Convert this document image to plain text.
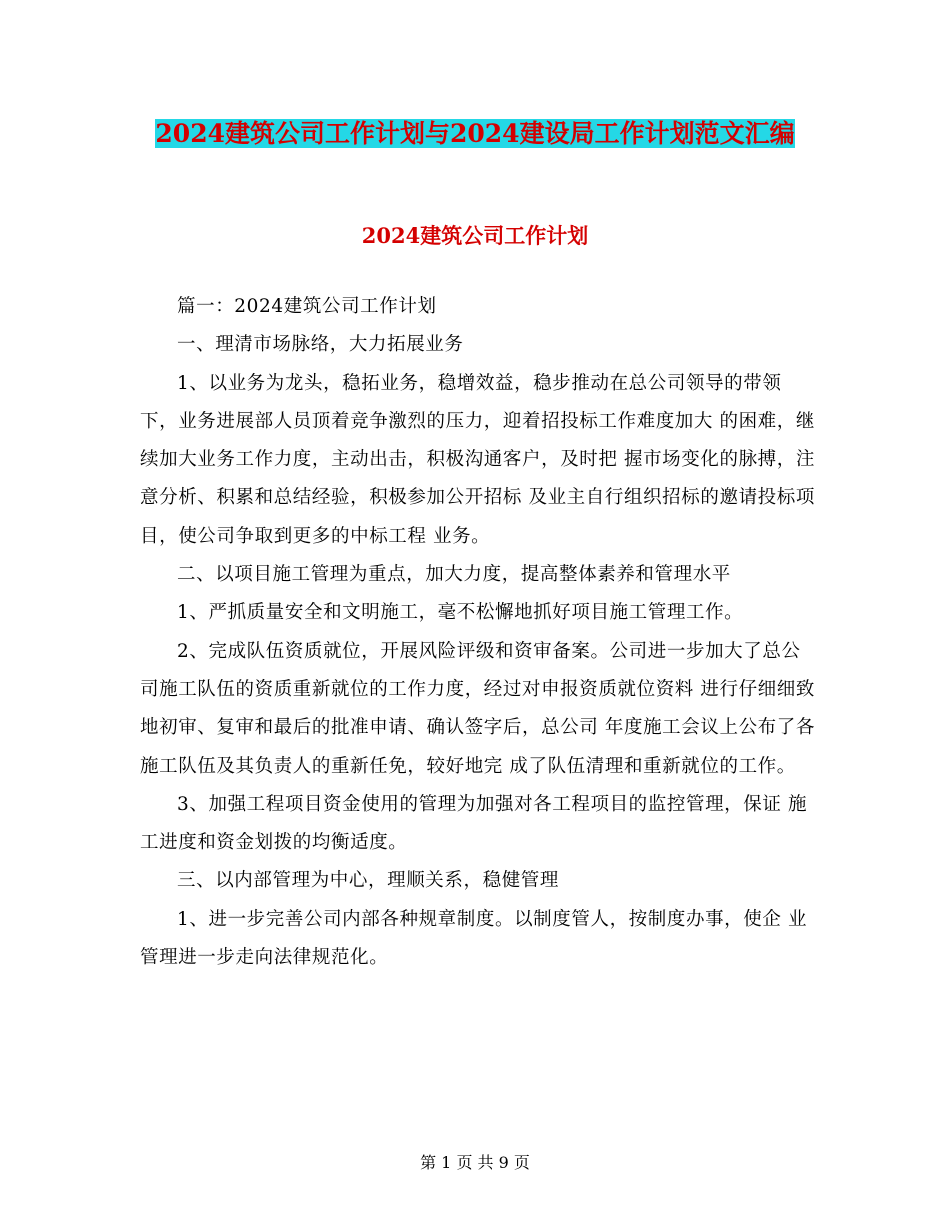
2024建筑公司工作计划与2024建设局工作计划范文汇编
2024建筑公司工作计划

篇一：2024建筑公司工作计划

一、理清市场脉络，大力拓展业务

1、以业务为龙头，稳拓业务，稳增效益，稳步推动在总公司领导的带领下，业务进展部人员顶着竞争激烈的压力，迎着招投标工作难度加大 的困难，继续加大业务工作力度，主动出击，积极沟通客户，及时把 握市场变化的脉搏，注意分析、积累和总结经验，积极参加公开招标 及业主自行组织招标的邀请投标项目，使公司争取到更多的中标工程 业务。

二、以项目施工管理为重点，加大力度，提高整体素养和管理水平

1、严抓质量安全和文明施工，毫不松懈地抓好项目施工管理工作。

2、完成队伍资质就位，开展风险评级和资审备案。公司进一步加大了总公司施工队伍的资质重新就位的工作力度，经过对申报资质就位资料 进行仔细细致地初审、复审和最后的批准申请、确认签字后，总公司 年度施工会议上公布了各施工队伍及其负责人的重新任免，较好地完 成了队伍清理和重新就位的工作。

3、加强工程项目资金使用的管理为加强对各工程项目的监控管理，保证 施工进度和资金划拨的均衡适度。

三、以内部管理为中心，理顺关系，稳健管理

1、进一步完善公司内部各种规章制度。以制度管人，按制度办事，使企 业管理进一步走向法律规范化。

第 1 页 共 9 页
